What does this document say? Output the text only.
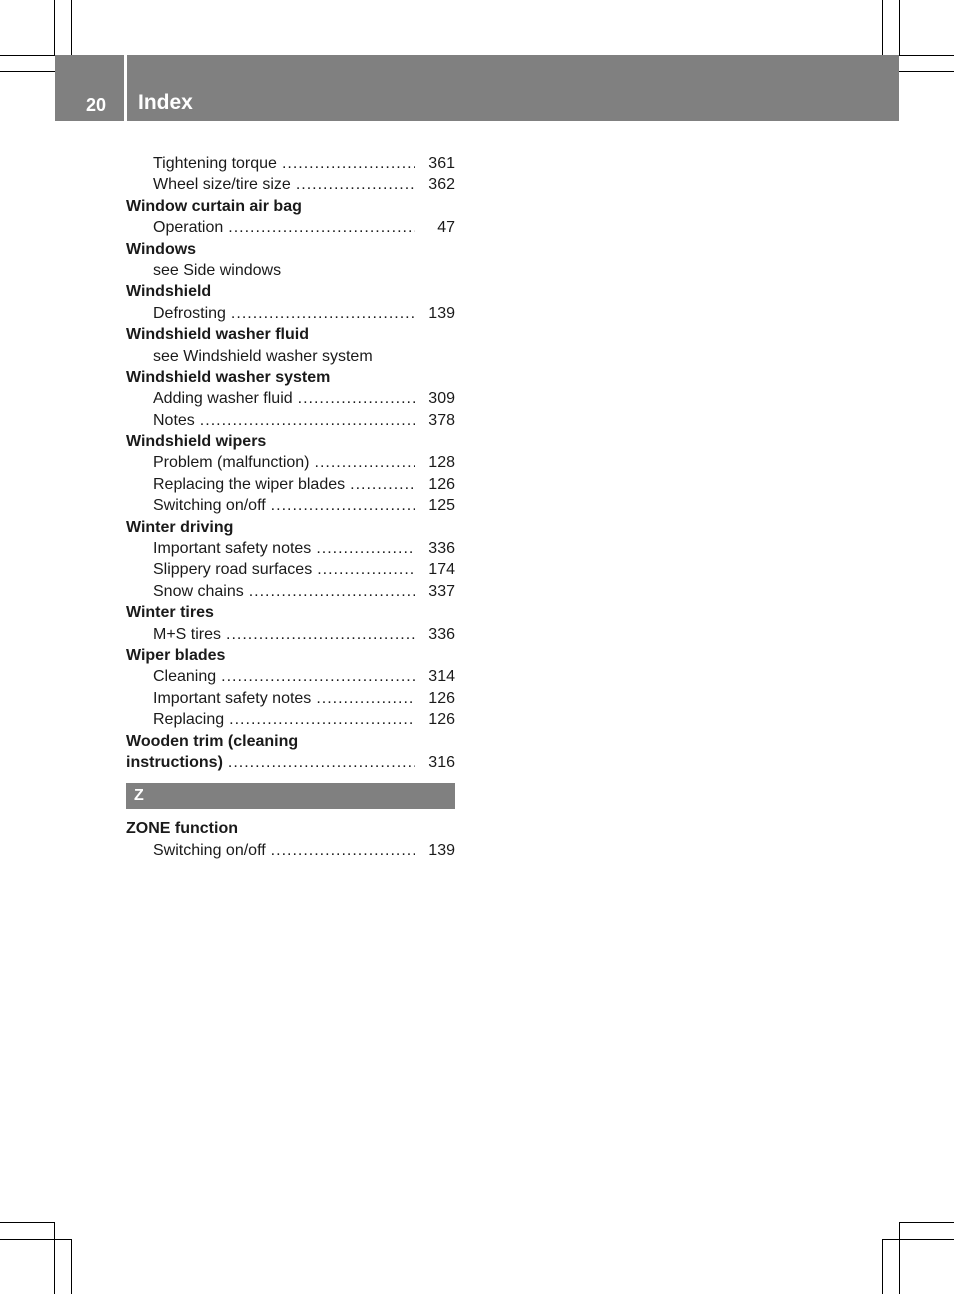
20 Index
Tightening torque .....	361
Wheel size/tire size .....	362
Window curtain air bag
Operation .....	47
Windows
see Side windows
Windshield
Defrosting .....	139
Windshield washer fluid
see Windshield washer system
Windshield washer system
Adding washer fluid .....	309
Notes .....	378
Windshield wipers
Problem (malfunction) .....	128
Replacing the wiper blades .....	126
Switching on/off .....	125
Winter driving
Important safety notes .....	336
Slippery road surfaces .....	174
Snow chains .....	337
Winter tires
M+S tires .....	336
Wiper blades
Cleaning .....	314
Important safety notes .....	126
Replacing .....	126
Wooden trim (cleaning
instructions) .....	316
Z
ZONE function
Switching on/off .....	139
